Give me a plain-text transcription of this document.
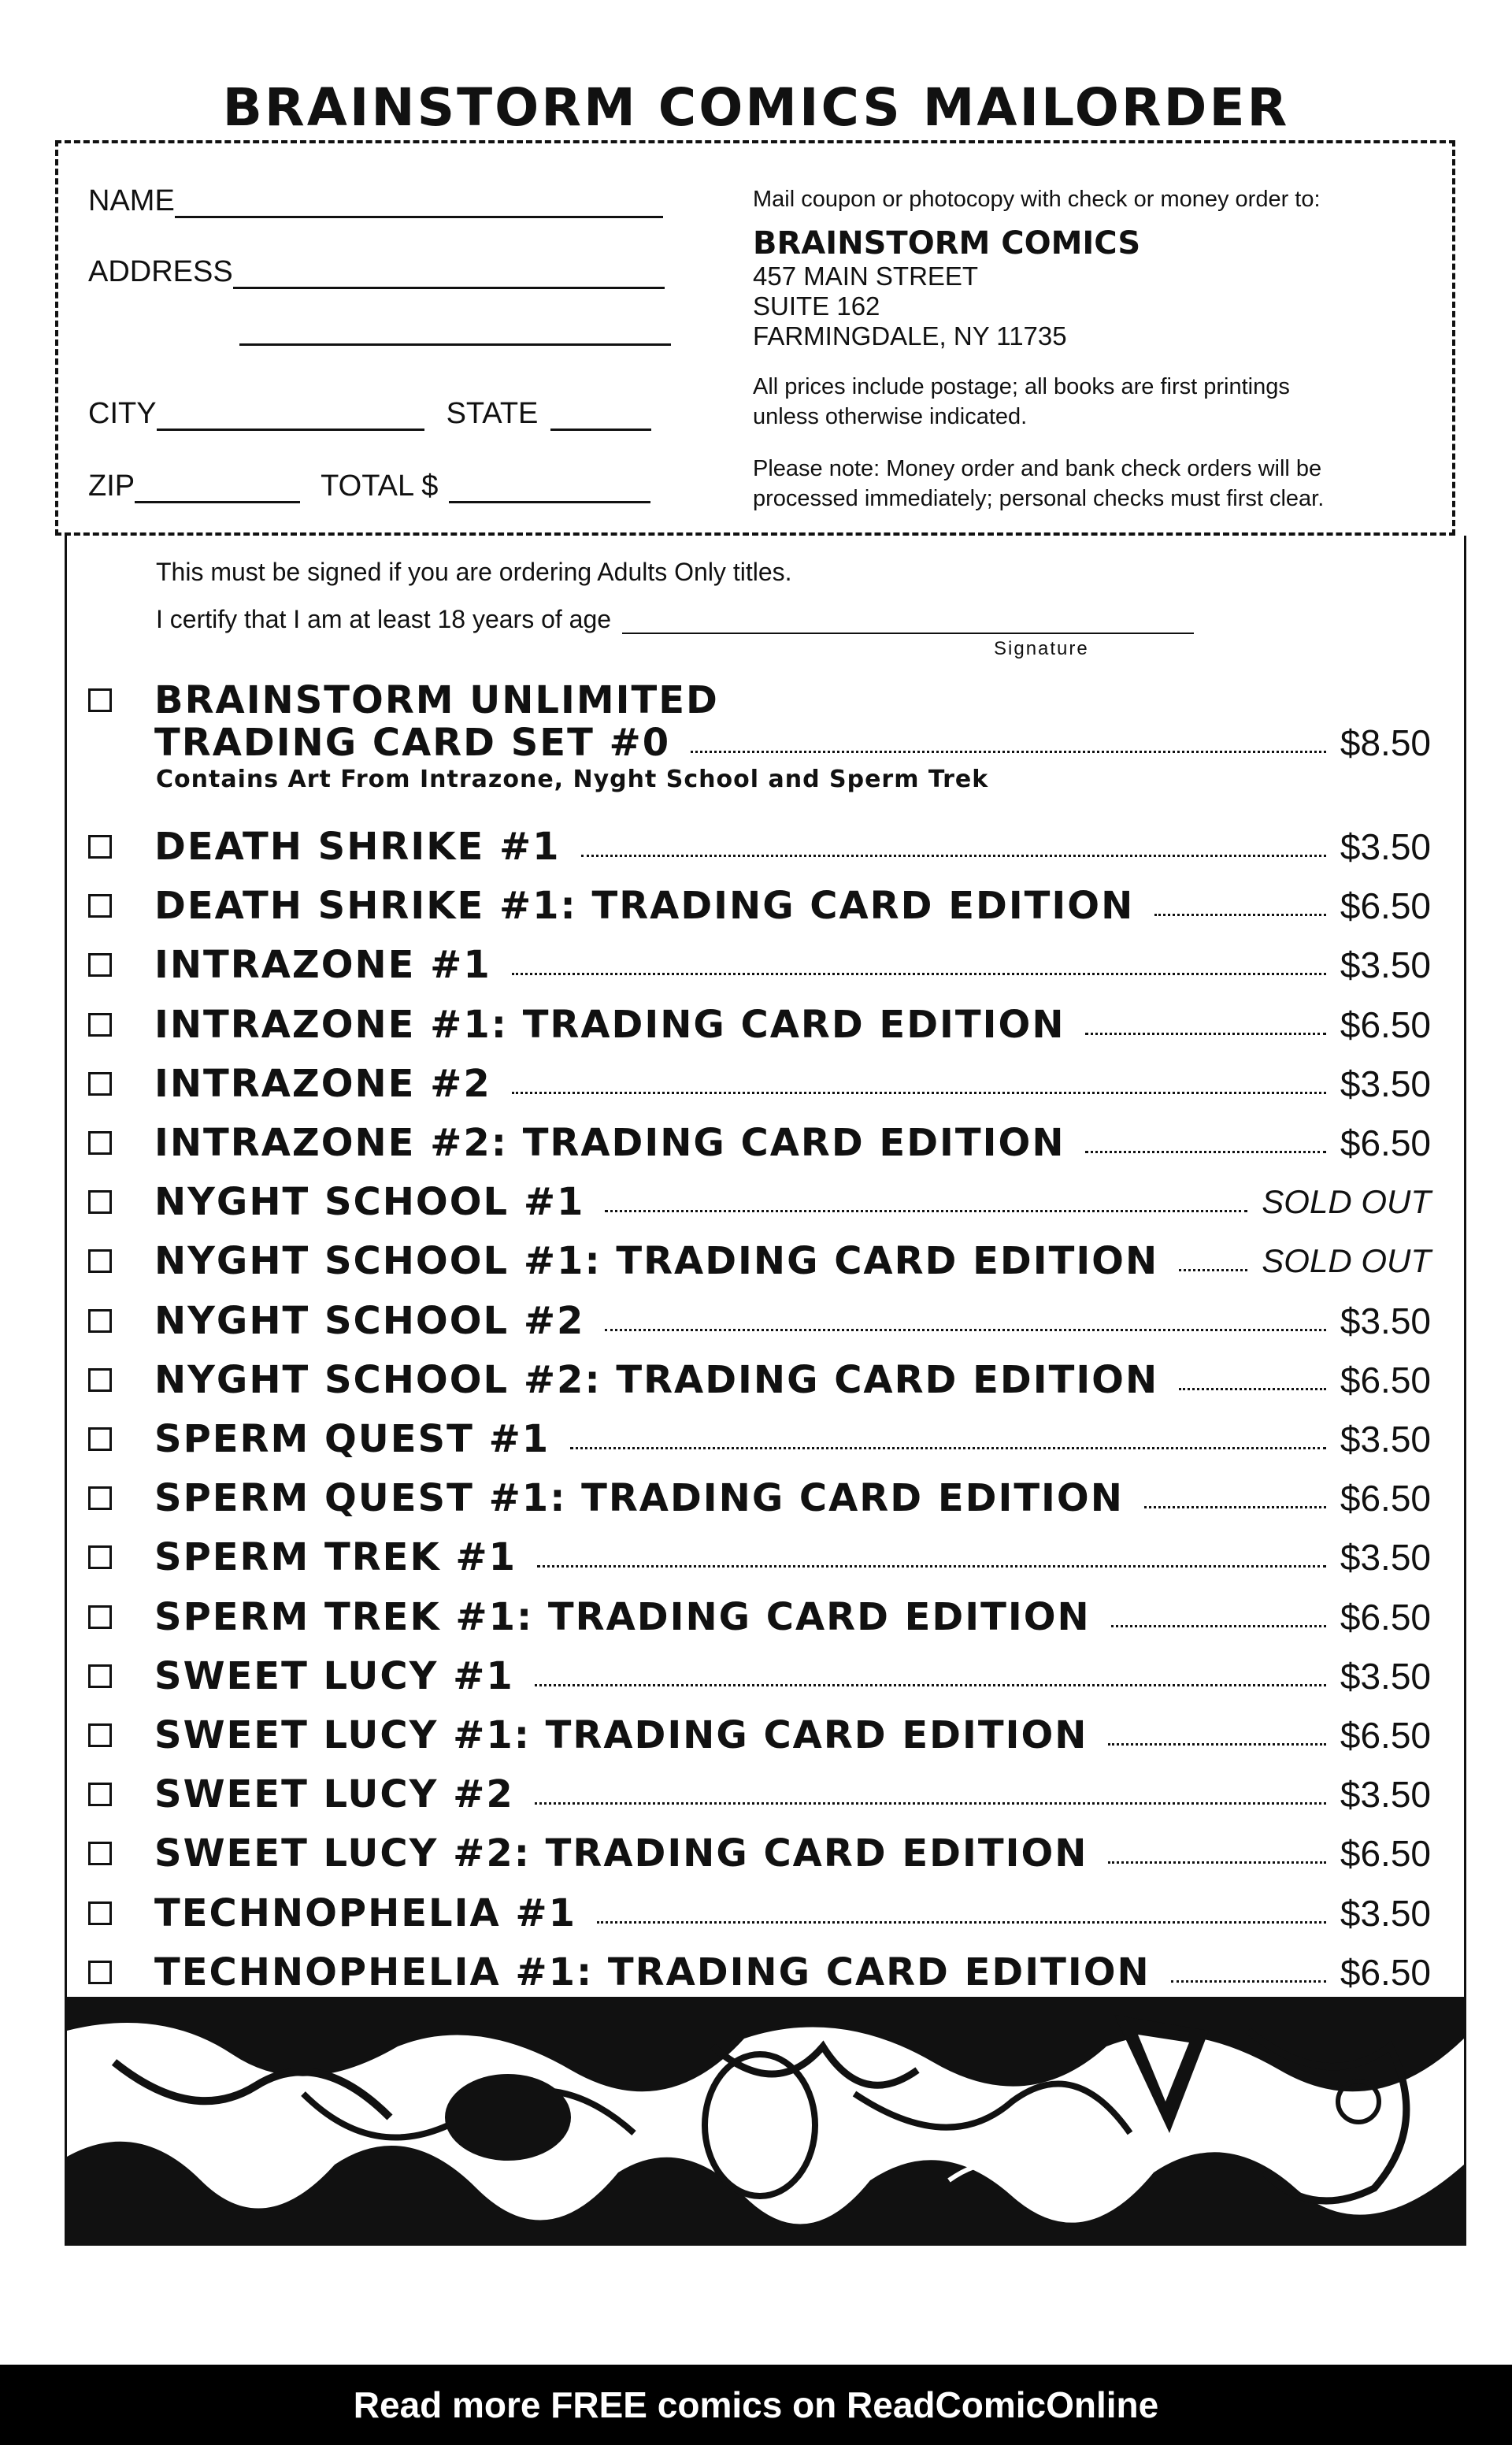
BRAINSTORM COMICS MAILORDER
NAME
ADDRESS
CITY	STATE
ZIP	TOTAL $
Mail coupon or photocopy with check or money order to:
BRAINSTORM COMICS
457 MAIN STREET
SUITE 162
FARMINGDALE, NY 11735
All prices include postage; all books are first printings
unless otherwise indicated.
Please note: Money order and bank check orders will be
processed immediately; personal checks must first clear.
This must be signed if you are ordering Adults Only titles.
I certify that I am at least 18 years of age
Signature
BRAINSTORM UNLIMITED
TRADING CARD SET #0	$8.50
Contains Art From Intrazone, Nyght School and Sperm Trek
DEATH SHRIKE #1	$3.50
DEATH SHRIKE #1: TRADING CARD EDITION	$6.50
INTRAZONE #1	$3.50
INTRAZONE #1: TRADING CARD EDITION	$6.50
INTRAZONE #2	$3.50
INTRAZONE #2: TRADING CARD EDITION	$6.50
NYGHT SCHOOL #1	SOLD OUT
NYGHT SCHOOL #1: TRADING CARD EDITION	SOLD OUT
NYGHT SCHOOL #2	$3.50
NYGHT SCHOOL #2: TRADING CARD EDITION	$6.50
SPERM QUEST #1	$3.50
SPERM QUEST #1: TRADING CARD EDITION	$6.50
SPERM TREK #1	$3.50
SPERM TREK #1: TRADING CARD EDITION	$6.50
SWEET LUCY #1	$3.50
SWEET LUCY #1: TRADING CARD EDITION	$6.50
SWEET LUCY #2	$3.50
SWEET LUCY #2: TRADING CARD EDITION	$6.50
TECHNOPHELIA #1	$3.50
TECHNOPHELIA #1: TRADING CARD EDITION	$6.50
Read more FREE comics on ReadComicOnline
